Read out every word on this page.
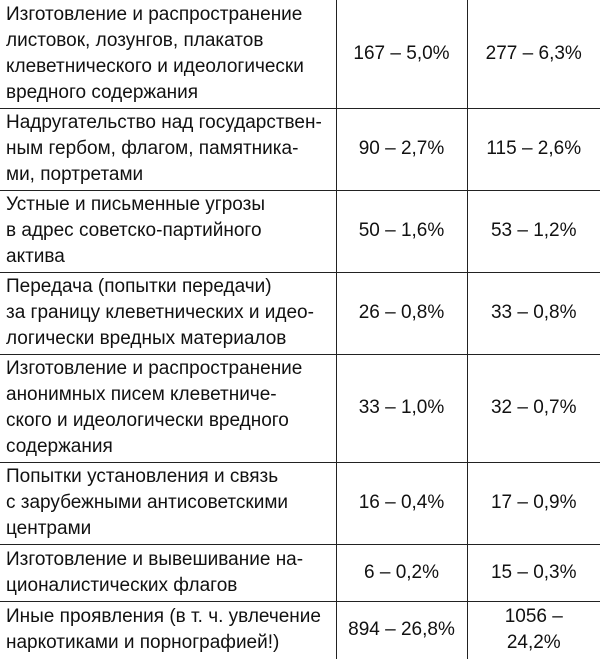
Изготовление и распространение
листовок, лозунгов, плакатов
клеветнического и идеологически
вредного содержания	167 – 5,0%	277 – 6,3%

Надругательство над государствен-
ным гербом, флагом, памятника-
ми, портретами	90 – 2,7%	115 – 2,6%

Устные и письменные угрозы
в адрес советско-партийного
актива	50 – 1,6%	53 – 1,2%

Передача (попытки передачи)
за границу клеветнических и идео-
логически вредных материалов	26 – 0,8%	33 – 0,8%

Изготовление и распространение
анонимных писем клеветниче-
ского и идеологически вредного
содержания	33 – 1,0%	32 – 0,7%

Попытки установления и связь
с зарубежными антисоветскими
центрами	16 – 0,4%	17 – 0,9%

Изготовление и вывешивание на-
ционалистических флагов	6 – 0,2%	15 – 0,3%

Иные проявления (в т. ч. увлечение
наркотиками и порнографией!)	894 – 26,8%	1056 –
24,2%
